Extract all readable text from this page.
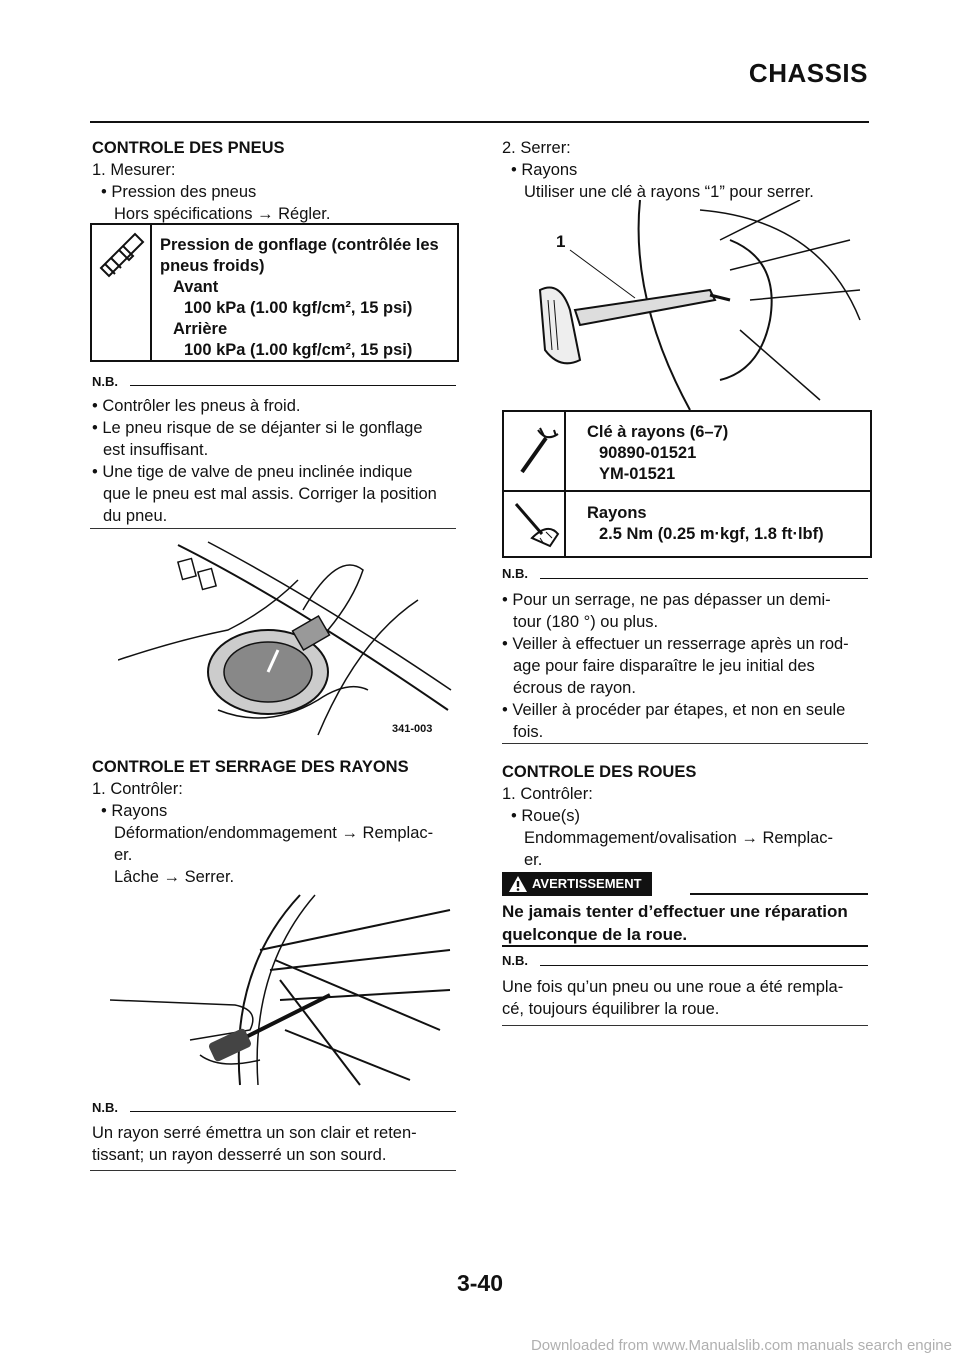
CHASSIS
CONTROLE DES PNEUS
1. Mesurer:
• Pression des pneus
Hors spécifications → Régler.
Pression de gonflage (contrôlée les
pneus froids)
Avant
100 kPa (1.00 kgf/cm², 15 psi)
Arrière
100 kPa (1.00 kgf/cm², 15 psi)
N.B.
• Contrôler les pneus à froid.
• Le pneu risque de se déjanter si le gonflage
est insuffisant.
• Une tige de valve de pneu inclinée indique
que le pneu est mal assis. Corriger la position
du pneu.
341-003
CONTROLE ET SERRAGE DES RAYONS
1. Contrôler:
• Rayons
Déformation/endommagement → Remplac-
er.
Lâche → Serrer.
N.B.
Un rayon serré émettra un son clair et reten-
tissant; un rayon desserré un son sourd.
2. Serrer:
• Rayons
Utiliser une clé à rayons “1” pour serrer.
1
Clé à rayons (6–7)
90890-01521
YM-01521
Rayons
2.5 Nm (0.25 m·kgf, 1.8 ft·lbf)
N.B.
• Pour un serrage, ne pas dépasser un demi-
tour (180 °) ou plus.
• Veiller à effectuer un resserrage après un rod-
age pour faire disparaître le jeu initial des
écrous de rayon.
• Veiller à procéder par étapes, et non en seule
fois.
CONTROLE DES ROUES
1. Contrôler:
• Roue(s)
Endommagement/ovalisation → Remplac-
er.
AVERTISSEMENT
Ne jamais tenter d’effectuer une réparation
quelconque de la roue.
N.B.
Une fois qu’un pneu ou une roue a été rempla-
cé, toujours équilibrer la roue.
3-40
Downloaded from www.Manualslib.com manuals search engine
